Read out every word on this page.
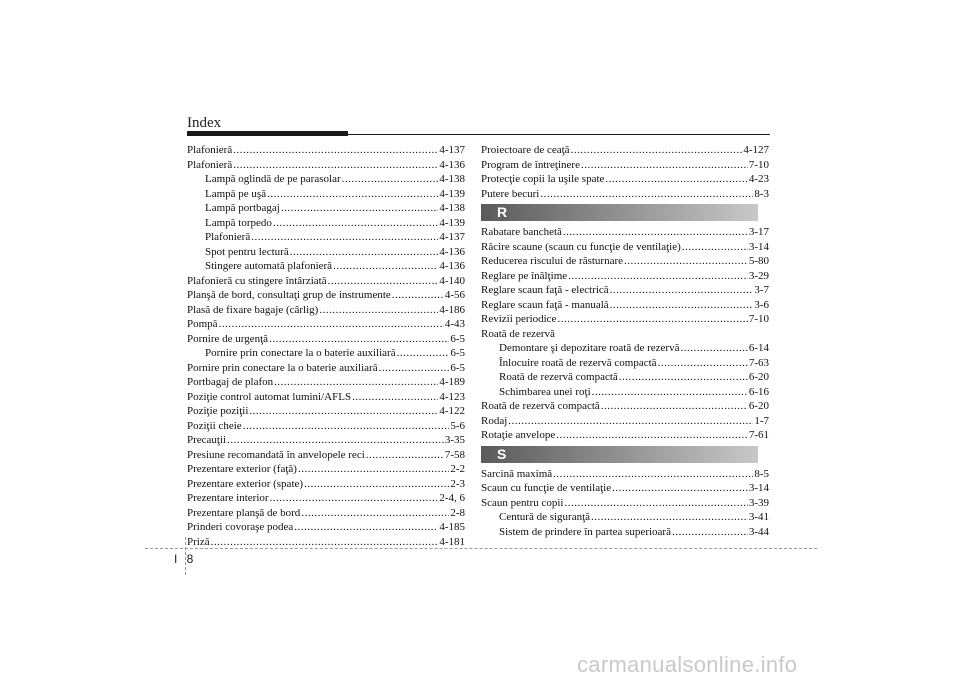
Index
Plafonieră .....	4-137
Plafonieră .....	4-136
Lampă oglindă de pe parasolar .....	4-138
Lampă pe uşă .....	4-139
Lampă portbagaj .....	4-138
Lampă torpedo .....	4-139
Plafonieră .....	4-137
Spot pentru lectură .....	4-136
Stingere automată plafonieră .....	4-136
Plafonieră cu stingere întârziată .....	4-140
Planşă de bord, consultaţi grup de instrumente .....	4-56
Plasă de fixare bagaje (cârlig) .....	4-186
Pompă .....	4-43
Pornire de urgenţă .....	6-5
Pornire prin conectare la o baterie auxiliară .....	6-5
Pornire prin conectare la o baterie auxiliară .....	6-5
Portbagaj de plafon .....	4-189
Poziţie control automat lumini/AFLS .....	4-123
Poziţie poziţii .....	4-122
Poziţii cheie .....	5-6
Precauţii .....	3-35
Presiune recomandată în anvelopele reci .....	7-58
Prezentare exterior (faţă) .....	2-2
Prezentare exterior (spate) .....	2-3
Prezentare interior .....	2-4, 6
Prezentare planşă de bord .....	2-8
Prinderi covoraşe podea .....	4-185
Priză .....	4-181
Proiectoare de ceaţă .....	4-127
Program de întreţinere .....	7-10
Protecţie copii la uşile spate .....	4-23
Putere becuri .....	8-3
R
Rabatare banchetă .....	3-17
Răcire scaune (scaun cu funcţie de ventilaţie) .....	3-14
Reducerea riscului de răsturnare .....	5-80
Reglare pe înălţime .....	3-29
Reglare scaun faţă - electrică .....	3-7
Reglare scaun faţă - manuală .....	3-6
Revizii periodice .....	7-10
Roată de rezervă
Demontare şi depozitare roată de rezervă .....	6-14
Înlocuire roată de rezervă compactă .....	7-63
Roată de rezervă compactă .....	6-20
Schimbarea unei roţi .....	6-16
Roată de rezervă compactă .....	6-20
Rodaj .....	1-7
Rotaţie anvelope .....	7-61
S
Sarcină maximă .....	8-5
Scaun cu funcţie de ventilaţie .....	3-14
Scaun pentru copii .....	3-39
Centură de siguranţă .....	3-41
Sistem de prindere în partea superioară .....	3-44
I 8
carmanualsonline.info
